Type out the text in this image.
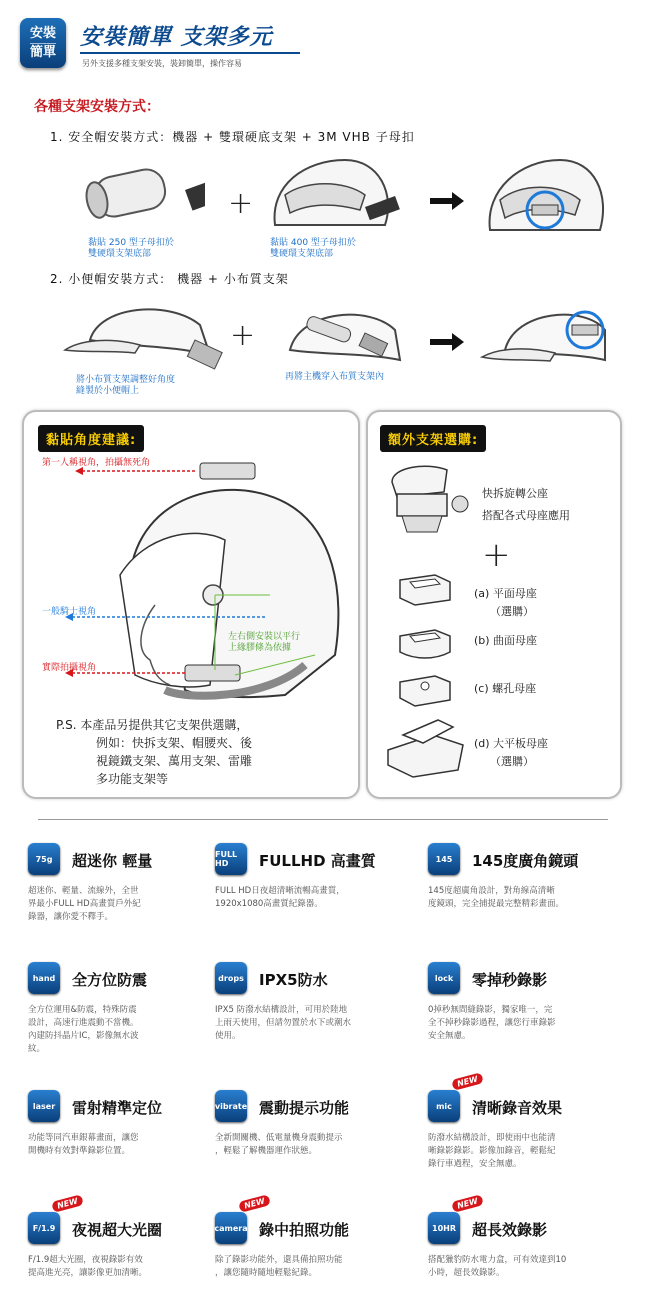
安裝
簡單
安裝簡單 支架多元
另外支援多種支架安裝，裝卸簡單，操作容易
各種支架安裝方式：
1. 安全帽安裝方式：機器 + 雙環硬底支架 + 3M VHB 子母扣
黏貼 250 型子母扣於
雙硬環支架底部
+
黏貼 400 型子母扣於
雙硬環支架底部
2. 小便帽安裝方式： 機器 + 小布質支架
將小布質支架調整好角度
縫製於小便帽上
+
再將主機穿入布質支架內
黏貼角度建議:
第一人稱視角，拍攝無死角
一般騎士視角
實際拍攝視角
左右側安裝以平行
上緣膠條為依據
P.S. 本產品另提供其它支架供選購，
例如：快拆支架、帽腰夾、後
視鏡鐵支架、萬用支架、雷雕
多功能支架等
額外支架選購:
快拆旋轉公座
搭配各式母座應用
+
(a) 平面母座
（選購）
(b) 曲面母座
(c) 螺孔母座
(d) 大平板母座
（選購）
75g	超迷你 輕量
超迷你、輕量、流線外，全世
界最小FULL HD高畫質戶外紀
錄器，讓你愛不釋手。
FULL HD	FULLHD 高畫質
FULL HD日夜超清晰流暢高畫質，
1920x1080高畫質紀錄器。
145	145度廣角鏡頭
145度超廣角設計，對角線高清晰
度鏡頭，完全捕捉最完整精彩畫面。
hand	全方位防震
全方位運用&防震，特殊防震
設計，高速行進震動不當機。
內建防抖晶片IC，影像無水波
紋。
drops IPX5防水
IPX5 防潑水結構設計，可用於陸地
上雨天使用，但請勿置於水下或潮水
使用。
lock	零掉秒錄影
0掉秒無間縫錄影，獨家唯一，完
全不掉秒錄影過程，讓您行車錄影
安全無慮。
laser	雷射精準定位
功能等同汽車銀幕畫面，讓您
開機時有效對準錄影位置。
vibrate 震動提示功能
全新開關機、低電量機身震動提示
，輕鬆了解機器運作狀態。
mic	清晰錄音效果
防潑水結構設計，即使雨中也能清
晰錄影錄影。影像加錄音，輕鬆紀
錄行車過程，安全無慮。
NEW
F/1.9	夜視超大光圈
F/1.9超大光圈，夜視錄影有效
提高進光亮，讓影像更加清晰。
NEW
camera 錄中拍照功能
除了錄影功能外，還具備拍照功能
，讓您隨時隨地輕鬆紀錄。
NEW
10HR 超長效錄影
搭配獵豹防水電力盒，可有效達到10
小時，超長效錄影。
NEW
